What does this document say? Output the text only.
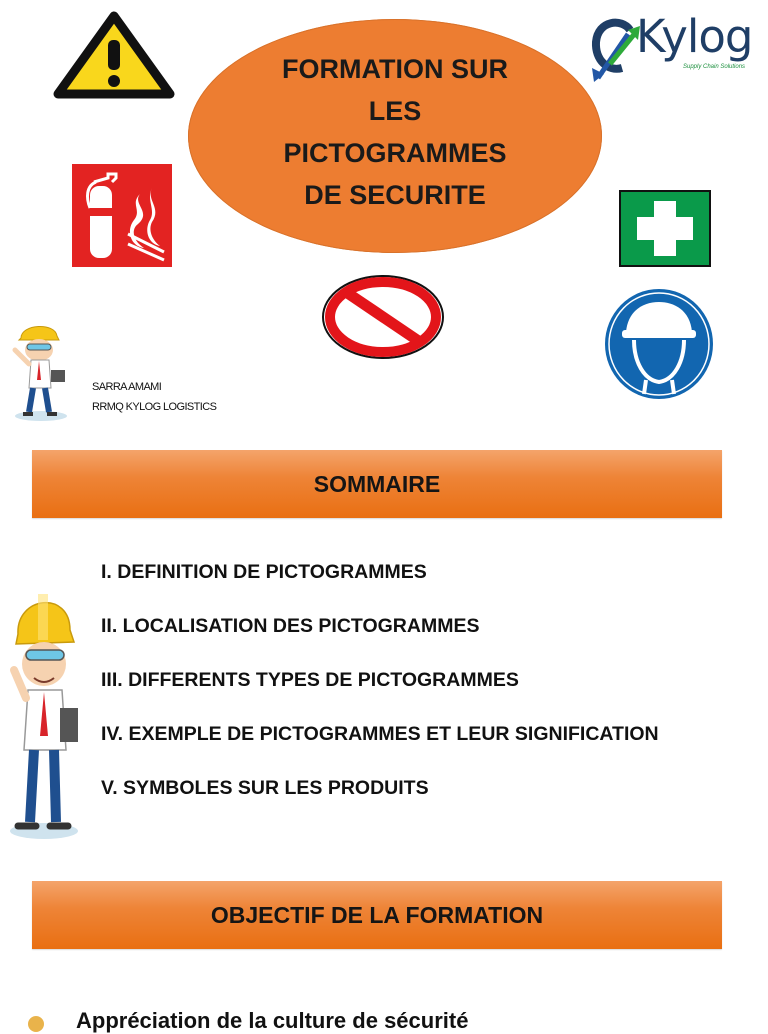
FORMATION SUR
LES
PICTOGRAMMES
DE SECURITE
Kylog
Supply Chain Solutions
SARRA AMAMI
RRMQ KYLOG LOGISTICS
SOMMAIRE
I. DEFINITION DE PICTOGRAMMES
II. LOCALISATION DES PICTOGRAMMES
III. DIFFERENTS TYPES DE PICTOGRAMMES
IV. EXEMPLE DE PICTOGRAMMES ET LEUR SIGNIFICATION
V. SYMBOLES SUR LES PRODUITS
OBJECTIF DE LA FORMATION
Appréciation de la culture de sécurité
